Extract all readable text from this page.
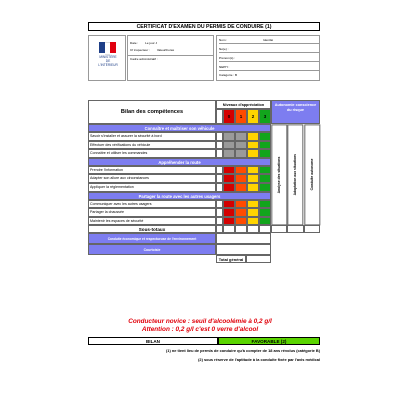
CERTIFICAT D'EXAMEN DU PERMIS DE CONDUIRE (1)
MINISTÈRE
DE
L'INTÉRIEUR
Date : Le jour J
Cf inspecteur : Valeurthorax
Cadre administratif :
Nom :	Identité
Né(e) :
Prénom(s) :
NEPH :
Catégorie : B
Bilan des compétences
Niveaux d'appréciation
0	1	2	3
Autonomie conscience du risque
Analyse des situations	Adaptation aux situations	Conduite autonome
Connaître et maîtriser son véhicule
Savoir s'installer et assurer la sécurité à bord
Effectuer des vérifications du véhicule
Connaître et utiliser les commandes
Appréhender la route
Prendre l'information
Adapter son allure aux circonstances
Appliquer la réglementation
Partager la route avec les autres usagers
Communiquer avec les autres usagers
Partager la chaussée
Maintenir les espaces de sécurité
Sous-totaux
Conduite économique et respectueuse de l'environnement
Courtoisie
Total général
Conducteur novice : seuil d'alcoolémie à 0,2 g/l
Attention : 0,2 g/l c'est 0 verre d'alcool
BILAN	FAVORABLE (2)
(1) ne tient lieu de permis de conduire qu'à compter de 18 ans révolus (catégorie B)
(2) sous réserve de l'aptitude à la conduite fixée par l'avis médical
